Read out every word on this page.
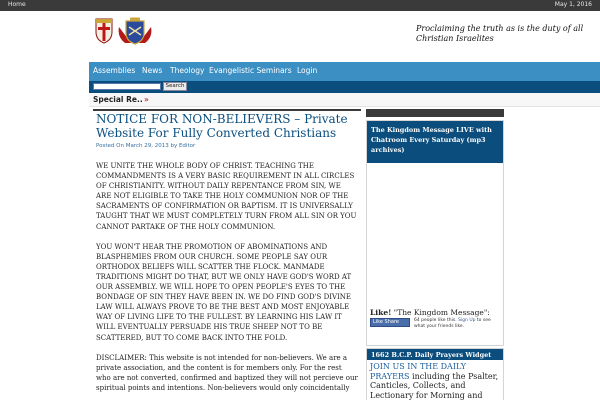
Home	May 1, 2016
Proclaiming the truth as is the duty of all Christian Israelites
Assemblies News Theology Evangelistic Seminars Login
Search
Special Re.. »
NOTICE FOR NON-BELIEVERS – Private Website For Fully Converted Christians
Posted On March 29, 2013 by Editor

WE UNITE THE WHOLE BODY OF CHRIST. TEACHING THE COMMANDMENTS IS A VERY BASIC REQUIREMENT IN ALL CIRCLES OF CHRISTIANITY. WITHOUT DAILY REPENTANCE FROM SIN, WE ARE NOT ELIGIBLE TO TAKE THE HOLY COMMUNION NOR OF THE SACRAMENTS OF CONFIRMATION OR BAPTISM. IT IS UNIVERSALLY TAUGHT THAT WE MUST COMPLETELY TURN FROM ALL SIN OR YOU CANNOT PARTAKE OF THE HOLY COMMUNION.

YOU WON'T HEAR THE PROMOTION OF ABOMINATIONS AND BLASPHEMIES FROM OUR CHURCH. SOME PEOPLE SAY OUR ORTHODOX BELIEFS WILL SCATTER THE FLOCK. MANMADE TRADITIONS MIGHT DO THAT, BUT WE ONLY HAVE GOD'S WORD AT OUR ASSEMBLY. WE WILL HOPE TO OPEN PEOPLE'S EYES TO THE BONDAGE OF SIN THEY HAVE BEEN IN. WE DO FIND GOD'S DIVINE LAW WILL ALWAYS PROVE TO BE THE BEST AND MOST ENJOYABLE WAY OF LIVING LIFE TO THE FULLEST. BY LEARNING HIS LAW IT WILL EVENTUALLY PERSUADE HIS TRUE SHEEP NOT TO BE SCATTERED, BUT TO COME BACK INTO THE FOLD.

DISCLAIMER: This website is not intended for non-believers. We are a private association, and the content is for members only. For the rest who are not converted, confirmed and baptized they will not percieve our spiritual points and intentions. Non-believers would only coincidentally

The Kingdom Message LIVE with Chatroom Every Saturday (mp3 archives)
Like! "The Kingdom Message":
Like Share	64 people like this. Sign Up to see what your friends like.
1662 B.C.P. Daily Prayers Widget
JOIN US IN THE DAILY PRAYERS including the Psalter, Canticles, Collects, and Lectionary for Morning and
